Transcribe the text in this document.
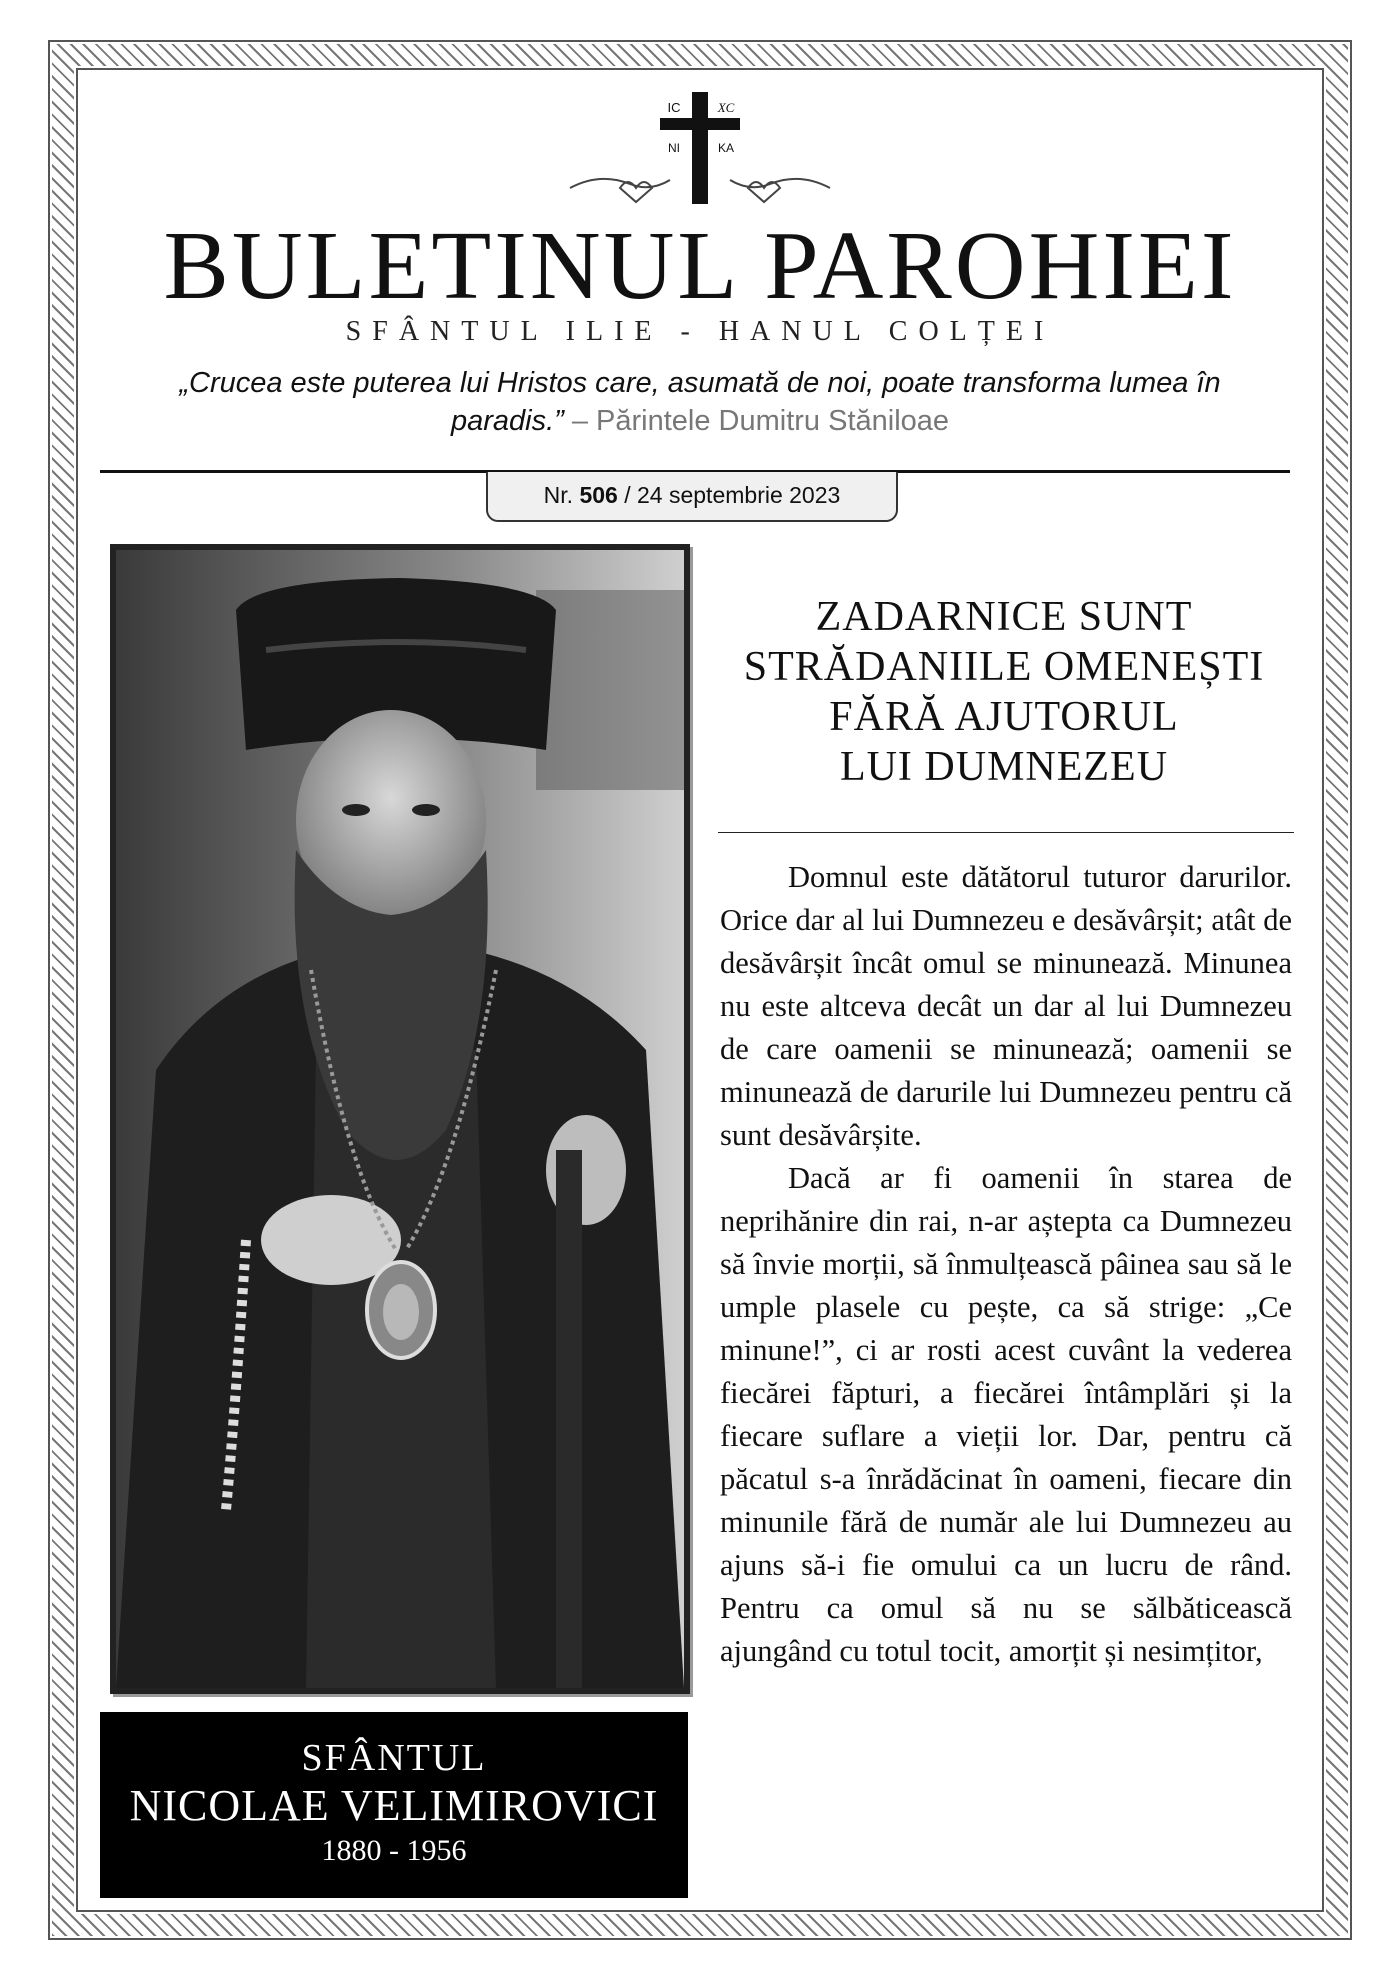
IC	ΧC
NI	KA
BULETINUL PAROHIEI
SFÂNTUL ILIE - HANUL COLȚEI
„Crucea este puterea lui Hristos care, asumată de noi, poate transforma lumea în paradis.” – Părintele Dumitru Stăniloae
Nr. 506 / 24 septembrie 2023
SFÂNTUL
NICOLAE VELIMIROVICI
1880 - 1956
ZADARNICE SUNT
STRĂDANIILE OMENEȘTI
FĂRĂ AJUTORUL
LUI DUMNEZEU

Domnul este dătătorul tuturor darurilor. Orice dar al lui Dumnezeu e desăvârșit; atât de desăvârșit încât omul se minunează. Minunea nu este altceva decât un dar al lui Dumnezeu de care oamenii se minunează; oamenii se minunează de darurile lui Dumnezeu pentru că sunt desăvârșite.

Dacă ar fi oamenii în starea de neprihănire din rai, n-ar aștepta ca Dumnezeu să învie morții, să înmulțească pâinea sau să le umple plasele cu pește, ca să strige: „Ce minune!”, ci ar rosti acest cuvânt la vederea fiecărei făpturi, a fiecărei întâmplări și la fiecare suflare a vieții lor. Dar, pentru că păcatul s-a înrădăcinat în oameni, fiecare din minunile fără de număr ale lui Dumnezeu au ajuns să-i fie omului ca un lucru de rând. Pentru ca omul să nu se sălbăticească ajungând cu totul tocit, amorțit și nesimțitor,
